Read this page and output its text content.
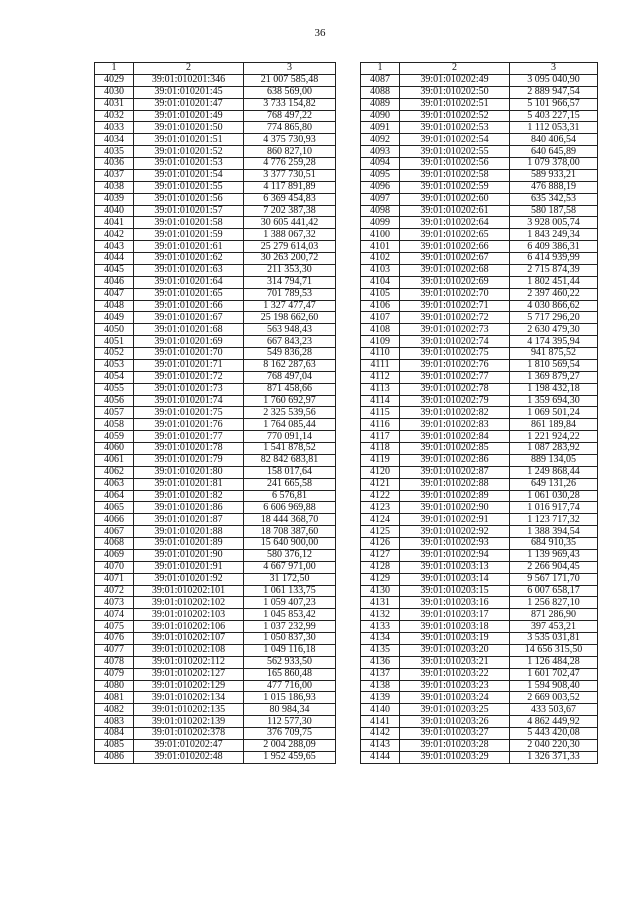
36
1	2	3
4029	39:01:010201:346	21 007 585,48
4030	39:01:010201:45	638 569,00
4031	39:01:010201:47	3 733 154,82
4032	39:01:010201:49	768 497,22
4033	39:01:010201:50	774 865,80
4034	39:01:010201:51	4 375 730,93
4035	39:01:010201:52	860 827,10
4036	39:01:010201:53	4 776 259,28
4037	39:01:010201:54	3 377 730,51
4038	39:01:010201:55	4 117 891,89
4039	39:01:010201:56	6 369 454,83
4040	39:01:010201:57	7 202 387,38
4041	39:01:010201:58	30 605 441,42
4042	39:01:010201:59	1 388 067,32
4043	39:01:010201:61	25 279 614,03
4044	39:01:010201:62	30 263 200,72
4045	39:01:010201:63	211 353,30
4046	39:01:010201:64	314 794,71
4047	39:01:010201:65	701 789,53
4048	39:01:010201:66	1 327 477,47
4049	39:01:010201:67	25 198 662,60
4050	39:01:010201:68	563 948,43
4051	39:01:010201:69	667 843,23
4052	39:01:010201:70	549 836,28
4053	39:01:010201:71	8 162 287,63
4054	39:01:010201:72	768 497,04
4055	39:01:010201:73	871 458,66
4056	39:01:010201:74	1 760 692,97
4057	39:01:010201:75	2 325 539,56
4058	39:01:010201:76	1 764 085,44
4059	39:01:010201:77	770 091,14
4060	39:01:010201:78	1 541 878,52
4061	39:01:010201:79	82 842 683,81
4062	39:01:010201:80	158 017,64
4063	39:01:010201:81	241 665,58
4064	39:01:010201:82	6 576,81
4065	39:01:010201:86	6 606 969,88
4066	39:01:010201:87	18 444 368,70
4067	39:01:010201:88	18 708 387,60
4068	39:01:010201:89	15 640 900,00
4069	39:01:010201:90	580 376,12
4070	39:01:010201:91	4 667 971,00
4071	39:01:010201:92	31 172,50
4072	39:01:010202:101	1 061 133,75
4073	39:01:010202:102	1 059 407,23
4074	39:01:010202:103	1 045 853,42
4075	39:01:010202:106	1 037 232,99
4076	39:01:010202:107	1 050 837,30
4077	39:01:010202:108	1 049 116,18
4078	39:01:010202:112	562 933,50
4079	39:01:010202:127	165 860,48
4080	39:01:010202:129	477 716,00
4081	39:01:010202:134	1 015 186,93
4082	39:01:010202:135	80 984,34
4083	39:01:010202:139	112 577,30
4084	39:01:010202:378	376 709,75
4085	39:01:010202:47	2 004 288,09
4086	39:01:010202:48	1 952 459,65
1	2	3
4087	39:01:010202:49	3 095 040,90
4088	39:01:010202:50	2 889 947,54
4089	39:01:010202:51	5 101 966,57
4090	39:01:010202:52	5 403 227,15
4091	39:01:010202:53	1 112 053,31
4092	39:01:010202:54	840 406,54
4093	39:01:010202:55	640 645,89
4094	39:01:010202:56	1 079 378,00
4095	39:01:010202:58	589 933,21
4096	39:01:010202:59	476 888,19
4097	39:01:010202:60	635 342,53
4098	39:01:010202:61	580 187,58
4099	39:01:010202:64	3 928 005,74
4100	39:01:010202:65	1 843 249,34
4101	39:01:010202:66	6 409 386,31
4102	39:01:010202:67	6 414 939,99
4103	39:01:010202:68	2 715 874,39
4104	39:01:010202:69	1 802 451,44
4105	39:01:010202:70	2 397 460,22
4106	39:01:010202:71	4 030 866,62
4107	39:01:010202:72	5 717 296,20
4108	39:01:010202:73	2 630 479,30
4109	39:01:010202:74	4 174 395,94
4110	39:01:010202:75	941 875,52
4111	39:01:010202:76	1 810 569,54
4112	39:01:010202:77	1 369 879,27
4113	39:01:010202:78	1 198 432,18
4114	39:01:010202:79	1 359 694,30
4115	39:01:010202:82	1 069 501,24
4116	39:01:010202:83	861 189,84
4117	39:01:010202:84	1 221 924,22
4118	39:01:010202:85	1 087 283,92
4119	39:01:010202:86	889 134,05
4120	39:01:010202:87	1 249 868,44
4121	39:01:010202:88	649 131,26
4122	39:01:010202:89	1 061 030,28
4123	39:01:010202:90	1 016 917,74
4124	39:01:010202:91	1 123 717,32
4125	39:01:010202:92	1 388 394,54
4126	39:01:010202:93	684 910,35
4127	39:01:010202:94	1 139 969,43
4128	39:01:010203:13	2 266 904,45
4129	39:01:010203:14	9 567 171,70
4130	39:01:010203:15	6 007 658,17
4131	39:01:010203:16	1 256 827,10
4132	39:01:010203:17	871 286,90
4133	39:01:010203:18	397 453,21
4134	39:01:010203:19	3 535 031,81
4135	39:01:010203:20	14 656 315,50
4136	39:01:010203:21	1 126 484,28
4137	39:01:010203:22	1 601 702,47
4138	39:01:010203:23	1 594 908,40
4139	39:01:010203:24	2 669 003,52
4140	39:01:010203:25	433 503,67
4141	39:01:010203:26	4 862 449,92
4142	39:01:010203:27	5 443 420,08
4143	39:01:010203:28	2 040 220,30
4144	39:01:010203:29	1 326 371,33
